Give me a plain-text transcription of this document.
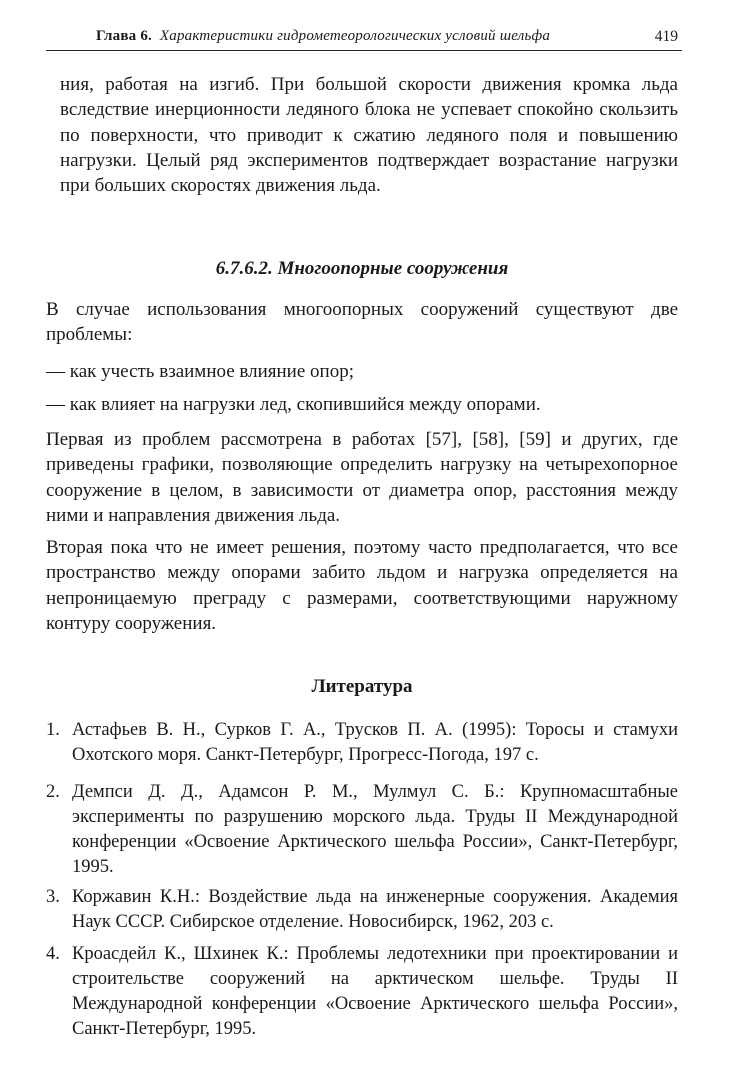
Глава 6. Характеристики гидрометеорологических условий шельфа	419

ния, работая на изгиб. При большой скорости движения кромка льда вследствие инерционности ледяного блока не успевает спокойно скользить по поверхности, что приводит к сжатию ледяного поля и повышению нагрузки. Целый ряд экспериментов подтверждает возрастание нагрузки при больших скоростях движения льда.

6.7.6.2. Многоопорные сооружения

В случае использования многоопорных сооружений существуют две проблемы:

— как учесть взаимное влияние опор;

— как влияет на нагрузки лед, скопившийся между опорами.

Первая из проблем рассмотрена в работах [57], [58], [59] и других, где приведены графики, позволяющие определить нагрузку на четырехопорное сооружение в целом, в зависимости от диаметра опор, расстояния между ними и направления движения льда.

Вторая пока что не имеет решения, поэтому часто предполагается, что все пространство между опорами забито льдом и нагрузка определяется на непроницаемую преграду с размерами, соответствующими наружному контуру сооружения.

Литература
1. Астафьев В. Н., Сурков Г. А., Трусков П. А. (1995): Торосы и стамухи Охотского моря. Санкт-Петербург, Прогресс-Погода, 197 с.

2. Демпси Д. Д., Адамсон Р. М., Мулмул С. Б.: Крупномасштабные эксперименты по разрушению морского льда. Труды II Международной конференции «Освоение Арктического шельфа России», Санкт-Петербург, 1995.

3. Коржавин К.Н.: Воздействие льда на инженерные сооружения. Академия Наук СССР. Сибирское отделение. Новосибирск, 1962, 203 с.

4. Кроасдейл К., Шхинек К.: Проблемы ледотехники при проектировании и строительстве сооружений на арктическом шельфе. Труды II Международной конференции «Освоение Арктического шельфа России», Санкт-Петербург, 1995.
